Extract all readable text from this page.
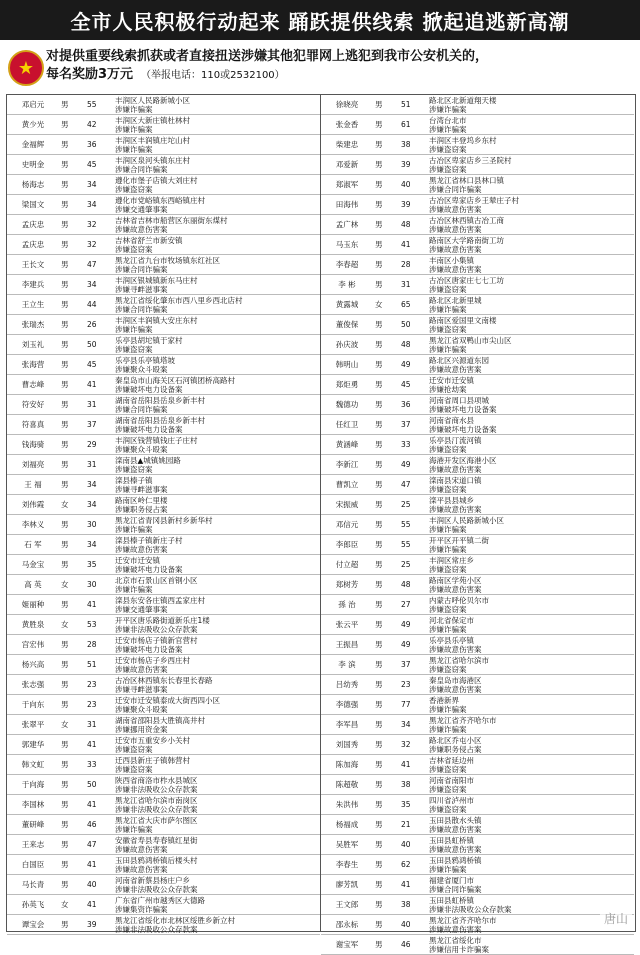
全市人民积极行动起来 踊跃提供线索 掀起追逃新高潮
★
对提供重要线索抓获或者直接扭送涉嫌其他犯罪网上逃犯到我市公安机关的，
每名奖励3万元 （举报电话：110或2532100）
邓启元	男 55 丰润区人民路新城小区
涉嫌诈骗案
黄少光	男 42 丰润区大新庄镇杜林村
涉嫌诈骗案
金福辉	男 36 丰润区丰润镇庄坨山村
涉嫌诈骗案
史明金	男 45 丰润区泉河头镇东庄村
涉嫌合同诈骗案
杨海志	男 34 遵化市堡子店镇大刘庄村
涉嫌盗窃案
梁国文	男 34 遵化市党峪镇东西峪镇庄村
涉嫌交通肇事案
孟庆忠	男 32 吉林省吉林市船营区东丽街东煤村
涉嫌故意伤害案
孟庆忠	男 32 吉林省舒兰市新安镇
涉嫌盗窃案
王长文	男 47 黑龙江省九台市牧场镇东红社区
涉嫌合同诈骗案
李建兵	男 34 丰润区银城镇新东马庄村
涉嫌寻衅滋事案
王立生	男 44 黑龙江省绥化肇东市西八里乡西北店村
涉嫌合同诈骗案
张瑞杰	男 26 丰润区丰润镇大安庄东村
涉嫌诈骗案
刘玉礼	男 50 乐亭县胡坨镇于家村
涉嫌盗窃案
张海营	男 45 乐亭县乐亭镇塔坡
涉嫌聚众斗殴案
曹志峰	男 41 秦皇岛市山海关区石河镇团桥高路村
涉嫌破坏电力设备案
符安好	男 31 湖南省岳阳县岳泉乡新丰村
涉嫌合同诈骗案
符喜真	男 37 湖南省岳阳县岳泉乡新丰村
涉嫌破坏电力设备案
钱海骑	男 29 丰润区钱营镇钱庄子庄村
涉嫌聚众斗殴案
刘福亮	男 31 滦南县▲城镇姚园路
涉嫌盗窃案
王 福	男 34 滦县榛子镇
涉嫌寻衅滋事案
刘伟霞	女 34 路南区岭仁里楼
涉嫌职务侵占案
李林义	男 30 黑龙江省青冈县新村乡新华村
涉嫌诈骗案
石 军	男 34 滦县榛子镇新庄子村
涉嫌故意伤害案
马金宝	男 35 迁安市迁安镇
涉嫌破坏电力设备案
高 英	女 30 北京市石景山区首钢小区
涉嫌诈骗案
姬丽种	男 41 滦县东安各庄镇西孟家庄村
涉嫌交通肇事案
黄胜泉	女 53 开平区唐乐路街道新乐庄1楼
涉嫌非法吸收公众存款案
宫宏伟	男 28 迁安市杨店子镇新官营村
涉嫌破坏电力设备案
杨兴高	男 51 迁安市杨店子乡西庄村
涉嫌故意伤害案
张志强	男 23 古冶区林西镇东长春里长春路
涉嫌寻衅滋事案
于向东	男 23 迁安市迁安镇泰成大街西四小区
涉嫌聚众斗殴案
张翠平	女 31 湖南省邵阳县大胜镇高井村
涉嫌挪用资金案
郭建华	男 41 迁安市五重安乡小关村
涉嫌盗窃案
韩文虹	男 33 迁西县新庄子镇韩营村
涉嫌盗窃案
于向海	男 50 陕西省商洛市柞水县城区
涉嫌非法吸收公众存款案
李国林	男 41 黑龙江省哈尔滨市南岗区
涉嫌非法吸收公众存款案
董研峰	男 46 黑龙江省大庆市萨尔图区
涉嫌诈骗案
王来志	男 47 安徽省寿县寿春镇红星街
涉嫌故意伤害案
白国臣	男 41 玉田县鸦鸿桥镇后楼头村
涉嫌故意伤害案
马长青	男 40 河南省新蔡县杨庄户乡
涉嫌非法吸收公众存款案
孙英飞	女 41 广东省广州市越秀区大德路
涉嫌集资诈骗案
谭宝会	男 39 黑龙江省绥化市北林区绥胜乡新立村
涉嫌非法吸收公众存款案
徐晓亮	男 51 路北区北新道翔天楼
涉嫌诈骗案
张金香	男 61 台湾台北市
涉嫌诈骗案
柴建忠	男 38 丰润区丰登坞乡东村
涉嫌盗窃案
邓爱新	男 39 古冶区卑家店乡三圣院村
涉嫌盗窃案
郑淑军	男 40 黑龙江省林口县林口镇
涉嫌合同诈骗案
田海伟	男 39 古冶区卑家店乡王辇庄子村
涉嫌故意伤害案
孟广林	男 48 古冶区林西镇古冶工商
涉嫌故意伤害案
马玉东	男 41 路南区大学路南街工坊
涉嫌故意伤害案
李春超	男 28 丰南区小集镇
涉嫌故意伤害案
李 彬	男 31 古冶区唐家庄七七工坊
涉嫌盗窃案
黄露城	女 65 路北区北新里城
涉嫌诈骗案
董俊保	男 50 路南区爱国里文南楼
涉嫌盗窃案
孙庆波	男 48 黑龙江省双鸭山市尖山区
涉嫌诈骗案
韩明山	男 49 路北区兴源道东园
涉嫌故意伤害案
郑炬勇	男 45 迁安市迁安镇
涉嫌抢劫案
魏德功	男 36 河南省周口县项城
涉嫌破坏电力设备案
任红卫	男 37 河南省商水县
涉嫌破坏电力设备案
黄涵峰	男 33 乐亭县汀流河镇
涉嫌盗窃案
李新江	男 49 海港开发区海港小区
涉嫌故意伤害案
曹凯立	男 47 滦南县宋道口镇
涉嫌盗窃案
宋振威	男 25 滦平县县城乡
涉嫌故意伤害案
邓信元	男 55 丰润区人民路新城小区
涉嫌诈骗案
李郎臣	男 55 开平区开平镇二街
涉嫌诈骗案
付立超	男 25 丰润区常庄乡
涉嫌盗窃案
郑树芳	男 48 路南区学苑小区
涉嫌故意伤害案
孫 治	男 27 内蒙古呼伦贝尔市
涉嫌盗窃案
张云平	男 49 河北省保定市
涉嫌诈骗案
王振昌	男 49 乐亭县乐亭镇
涉嫌故意伤害案
李 滨	男 37 黑龙江省哈尔滨市
涉嫌盗窃案
吕幼秀	男 23 秦皇岛市海港区
涉嫌故意伤害案
李德强	男 77 香港新界
涉嫌诈骗案
李军昌	男 34 黑龙江省齐齐哈尔市
涉嫌诈骗案
刘国秀	男 32 路北区乔屯小区
涉嫌职务侵占案
陈加海	男 41 吉林省延边州
涉嫌盗窃案
陈超敬	男 38 河南省南阳市
涉嫌盗窃案
朱洪伟	男 35 四川省泸州市
涉嫌盗窃案
杨福成	男 21 玉田县散水头镇
涉嫌故意伤害案
吴胜军	男 40 玉田县虹桥镇
涉嫌故意伤害案
李春生	男 62 玉田县鸦鸿桥镇
涉嫌诈骗案
廖芳凯	男 41 福建省厦门市
涉嫌合同诈骗案
王文郎	男 38 玉田县虹桥镇
涉嫌非法吸收公众存款案
邵永标	男 40 黑龙江省齐齐哈尔市
涉嫌故意伤害案
谢宝军	男 46 黑龙江省绥化市
涉嫌信用卡诈骗案
唐山
